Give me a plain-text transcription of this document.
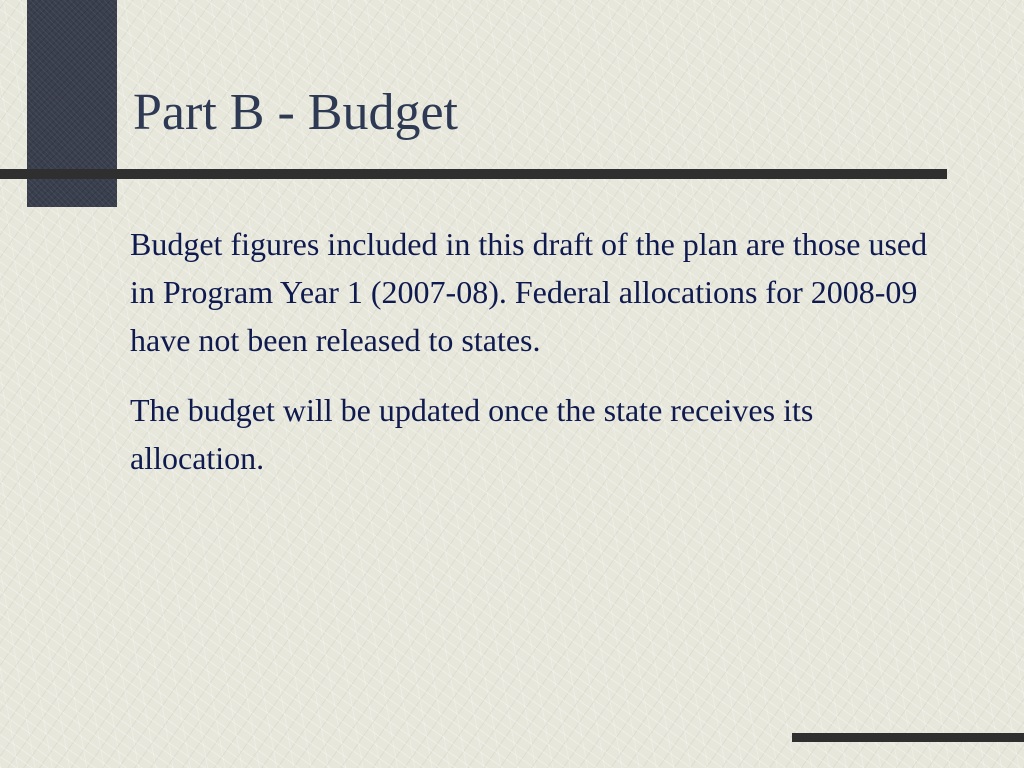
Part B - Budget

Budget figures included in this draft of the plan are those used in Program Year 1 (2007-08). Federal allocations for 2008-09 have not been released to states.

The budget will be updated once the state receives its allocation.
